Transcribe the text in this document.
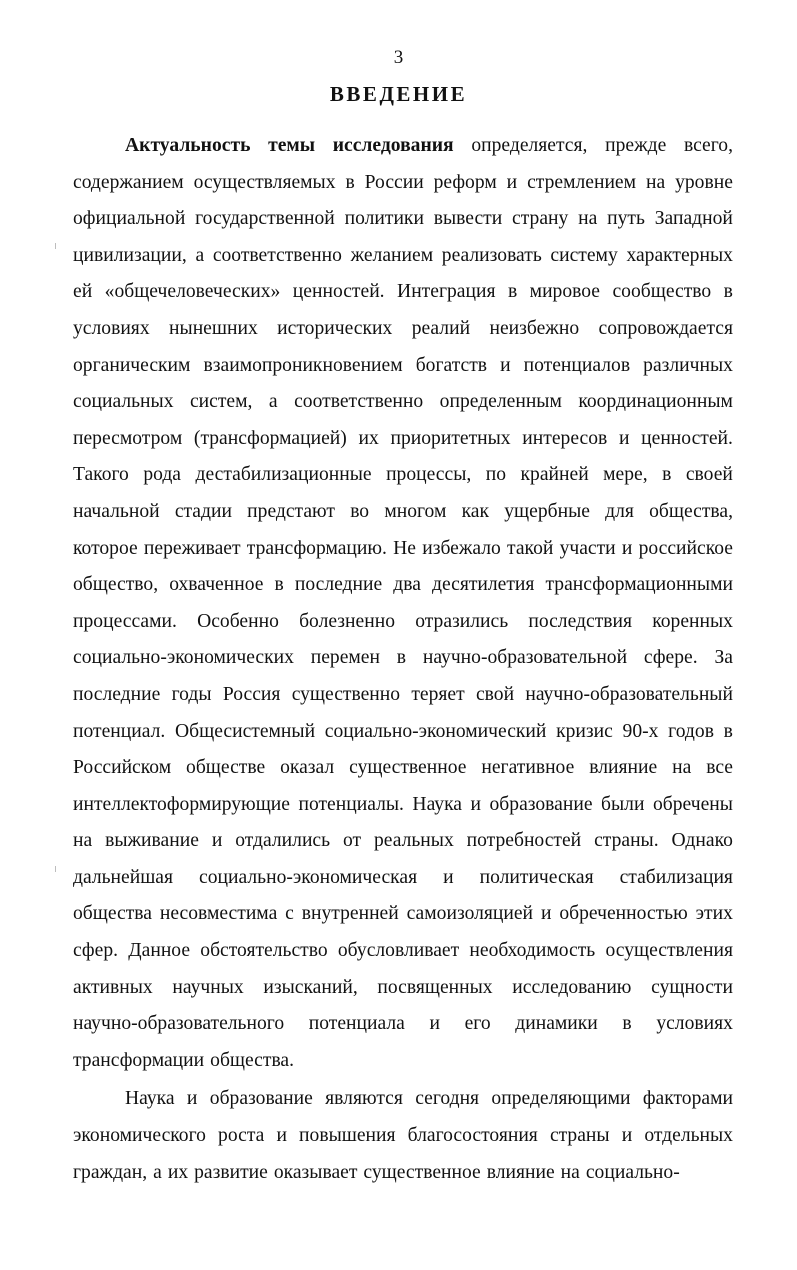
3
ВВЕДЕНИЕ
Актуальность темы исследования определяется, прежде всего,
содержанием осуществляемых в России реформ и стремлением на уровне
официальной государственной политики вывести страну на путь Западной
цивилизации, а соответственно желанием реализовать систему характерных
ей «общечеловеческих» ценностей. Интеграция в мировое сообщество в
условиях нынешних исторических реалий неизбежно сопровождается
органическим взаимопроникновением богатств и потенциалов различных
социальных систем, а соответственно определенным координационным
пересмотром (трансформацией) их приоритетных интересов и ценностей.
Такого рода дестабилизационные процессы, по крайней мере, в своей
начальной стадии предстают во многом как ущербные для общества,
которое переживает трансформацию. Не избежало такой участи и российское
общество, охваченное в последние два десятилетия трансформационными
процессами. Особенно болезненно отразились последствия коренных
социально-экономических перемен в научно-образовательной сфере. За
последние годы Россия существенно теряет свой научно-образовательный
потенциал. Общесистемный социально-экономический кризис 90-х годов в
Российском обществе оказал существенное негативное влияние на все
интеллектоформирующие потенциалы. Наука и образование были обречены
на выживание и отдалились от реальных потребностей страны. Однако
дальнейшая социально-экономическая и политическая стабилизация
общества несовместима с внутренней самоизоляцией и обреченностью этих
сфер. Данное обстоятельство обусловливает необходимость осуществления
активных научных изысканий, посвященных исследованию сущности
научно-образовательного потенциала и его динамики в условиях
трансформации общества.
Наука и образование являются сегодня определяющими факторами
экономического роста и повышения благосостояния страны и отдельных
граждан, а их развитие оказывает существенное влияние на социально-
